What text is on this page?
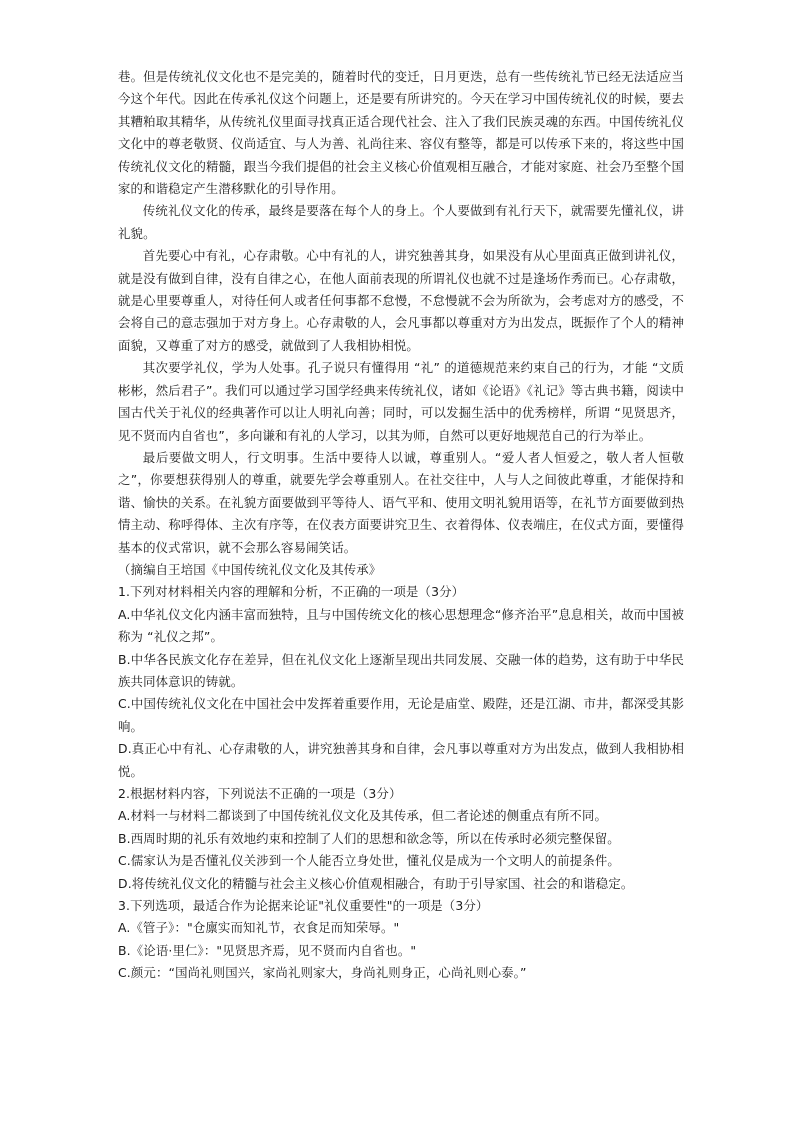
巷。但是传统礼仪文化也不是完美的，随着时代的变迁，日月更迭，总有一些传统礼节已经无法适应当今这个年代。因此在传承礼仪这个问题上，还是要有所讲究的。今天在学习中国传统礼仪的时候，要去其糟粕取其精华，从传统礼仪里面寻找真正适合现代社会、注入了我们民族灵魂的东西。中国传统礼仪文化中的尊老敬贤、仪尚适宜、与人为善、礼尚往来、容仪有整等，都是可以传承下来的，将这些中国传统礼仪文化的精髓，跟当今我们提倡的社会主义核心价值观相互融合，才能对家庭、社会乃至整个国家的和谐稳定产生潜移默化的引导作用。

传统礼仪文化的传承，最终是要落在每个人的身上。个人要做到有礼行天下，就需要先懂礼仪，讲礼貌。

首先要心中有礼，心存肃敬。心中有礼的人，讲究独善其身，如果没有从心里面真正做到讲礼仪，就是没有做到自律，没有自律之心，在他人面前表现的所谓礼仪也就不过是逢场作秀而已。心存肃敬，就是心里要尊重人，对待任何人或者任何事都不怠慢，不怠慢就不会为所欲为，会考虑对方的感受，不会将自己的意志强加于对方身上。心存肃敬的人，会凡事都以尊重对方为出发点，既振作了个人的精神面貌，又尊重了对方的感受，就做到了人我相协相悦。

其次要学礼仪，学为人处事。孔子说只有懂得用 “礼” 的道德规范来约束自己的行为，才能 “文质彬彬，然后君子”。我们可以通过学习国学经典来传统礼仪，诸如《论语》《礼记》等古典书籍，阅读中国古代关于礼仪的经典著作可以让人明礼向善；同时，可以发掘生活中的优秀榜样，所谓 “见贤思齐，见不贤而内自省也”，多向谦和有礼的人学习，以其为师，自然可以更好地规范自己的行为举止。

最后要做文明人，行文明事。生活中要待人以诚，尊重别人。“爱人者人恒爱之，敬人者人恒敬之”，你要想获得别人的尊重，就要先学会尊重别人。在社交往中，人与人之间彼此尊重，才能保持和谐、愉快的关系。在礼貌方面要做到平等待人、语气平和、使用文明礼貌用语等，在礼节方面要做到热情主动、称呼得体、主次有序等，在仪表方面要讲究卫生、衣着得体、仪表端庄，在仪式方面，要懂得基本的仪式常识，就不会那么容易闹笑话。

（摘编自王培国《中国传统礼仪文化及其传承》

1.下列对材料相关内容的理解和分析，不正确的一项是（3分）

A.中华礼仪文化内涵丰富而独特，且与中国传统文化的核心思想理念“修齐治平”息息相关，故而中国被称为 “礼仪之邦”。

B.中华各民族文化存在差异，但在礼仪文化上逐渐呈现出共同发展、交融一体的趋势，这有助于中华民族共同体意识的铸就。

C.中国传统礼仪文化在中国社会中发挥着重要作用，无论是庙堂、殿陛，还是江湖、市井，都深受其影响。

D.真正心中有礼、心存肃敬的人，讲究独善其身和自律，会凡事以尊重对方为出发点，做到人我相协相悦。

2.根据材料内容，下列说法不正确的一项是（3分）

A.材料一与材料二都谈到了中国传统礼仪文化及其传承，但二者论述的侧重点有所不同。

B.西周时期的礼乐有效地约束和控制了人们的思想和欲念等，所以在传承时必须完整保留。

C.儒家认为是否懂礼仪关涉到一个人能否立身处世，懂礼仪是成为一个文明人的前提条件。

D.将传统礼仪文化的精髓与社会主义核心价值观相融合，有助于引导家国、社会的和谐稳定。

3.下列选项，最适合作为论据来论证"礼仪重要性"的一项是（3分）

A.《管子》："仓廪实而知礼节，衣食足而知荣辱。"

B.《论语·里仁》："见贤思齐焉，见不贤而内自省也。"

C.颜元：“国尚礼则国兴，家尚礼则家大，身尚礼则身正，心尚礼则心泰。”
